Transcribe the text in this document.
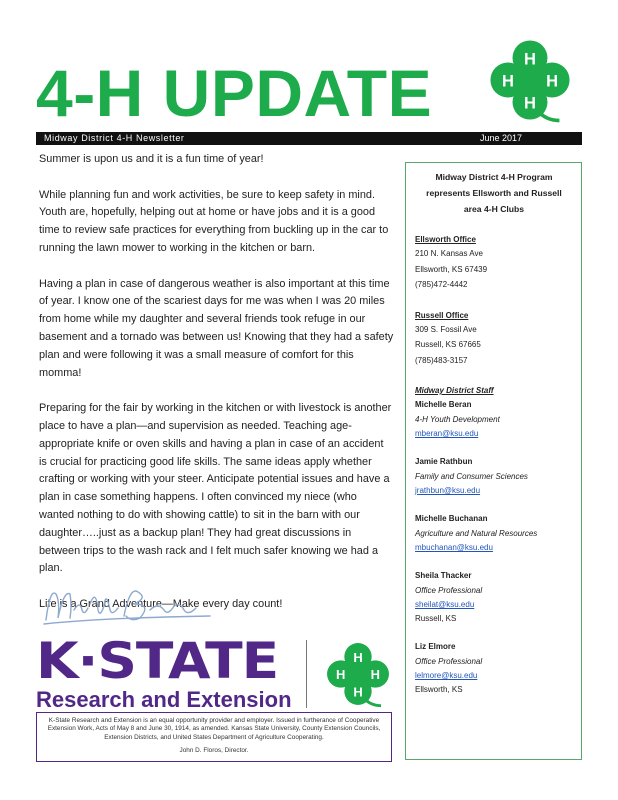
4-H UPDATE	H
H
H
H
Midway District 4-H Newsletter	June 2017

Summer is upon us and it is a fun time of year!

While planning fun and work activities, be sure to keep safety in mind. Youth are, hopefully, helping out at home or have jobs and it is a good time to review safe practices for everything from buckling up in the car to running the lawn mower to working in the kitchen or barn.

Having a plan in case of dangerous weather is also important at this time of year. I know one of the scariest days for me was when I was 20 miles from home while my daughter and several friends took refuge in our basement and a tornado was between us! Knowing that they had a safety plan and were following it was a small measure of comfort for this momma!

Preparing for the fair by working in the kitchen or with livestock is another place to have a plan—and supervision as needed. Teaching age-appropriate knife or oven skills and having a plan in case of an accident is crucial for practicing good life skills. The same ideas apply whether crafting or working with your steer. Anticipate potential issues and have a plan in case something happens. I often convinced my niece (who wanted nothing to do with showing cattle) to sit in the barn with our daughter…..just as a backup plan! They had great discussions in between trips to the wash rack and I felt much safer knowing we had a plan.

Life is a Grand Adventure—Make every day count!

K·STATE
Research and Extension
H
H
H
H
K-State Research and Extension is an equal opportunity provider and employer. Issued in furtherance of Cooperative Extension Work, Acts of May 8 and June 30, 1914, as amended. Kansas State University, County Extension Councils, Extension Districts, and United States Department of Agriculture Cooperating.
John D. Floros, Director.
Midway District 4-H Program represents Ellsworth and Russell area 4-H Clubs
Ellsworth Office
210 N. Kansas Ave
Ellsworth, KS 67439
(785)472-4442
Russell Office
309 S. Fossil Ave
Russell, KS 67665
(785)483-3157
Midway District Staff
Michelle Beran
4-H Youth Development
mberan@ksu.edu
Jamie Rathbun
Family and Consumer Sciences
jrathbun@ksu.edu
Michelle Buchanan
Agriculture and Natural Resources
mbuchanan@ksu.edu
Sheila Thacker
Office Professional
sheilat@ksu.edu
Russell, KS
Liz Elmore
Office Professional
lelmore@ksu.edu
Ellsworth, KS
